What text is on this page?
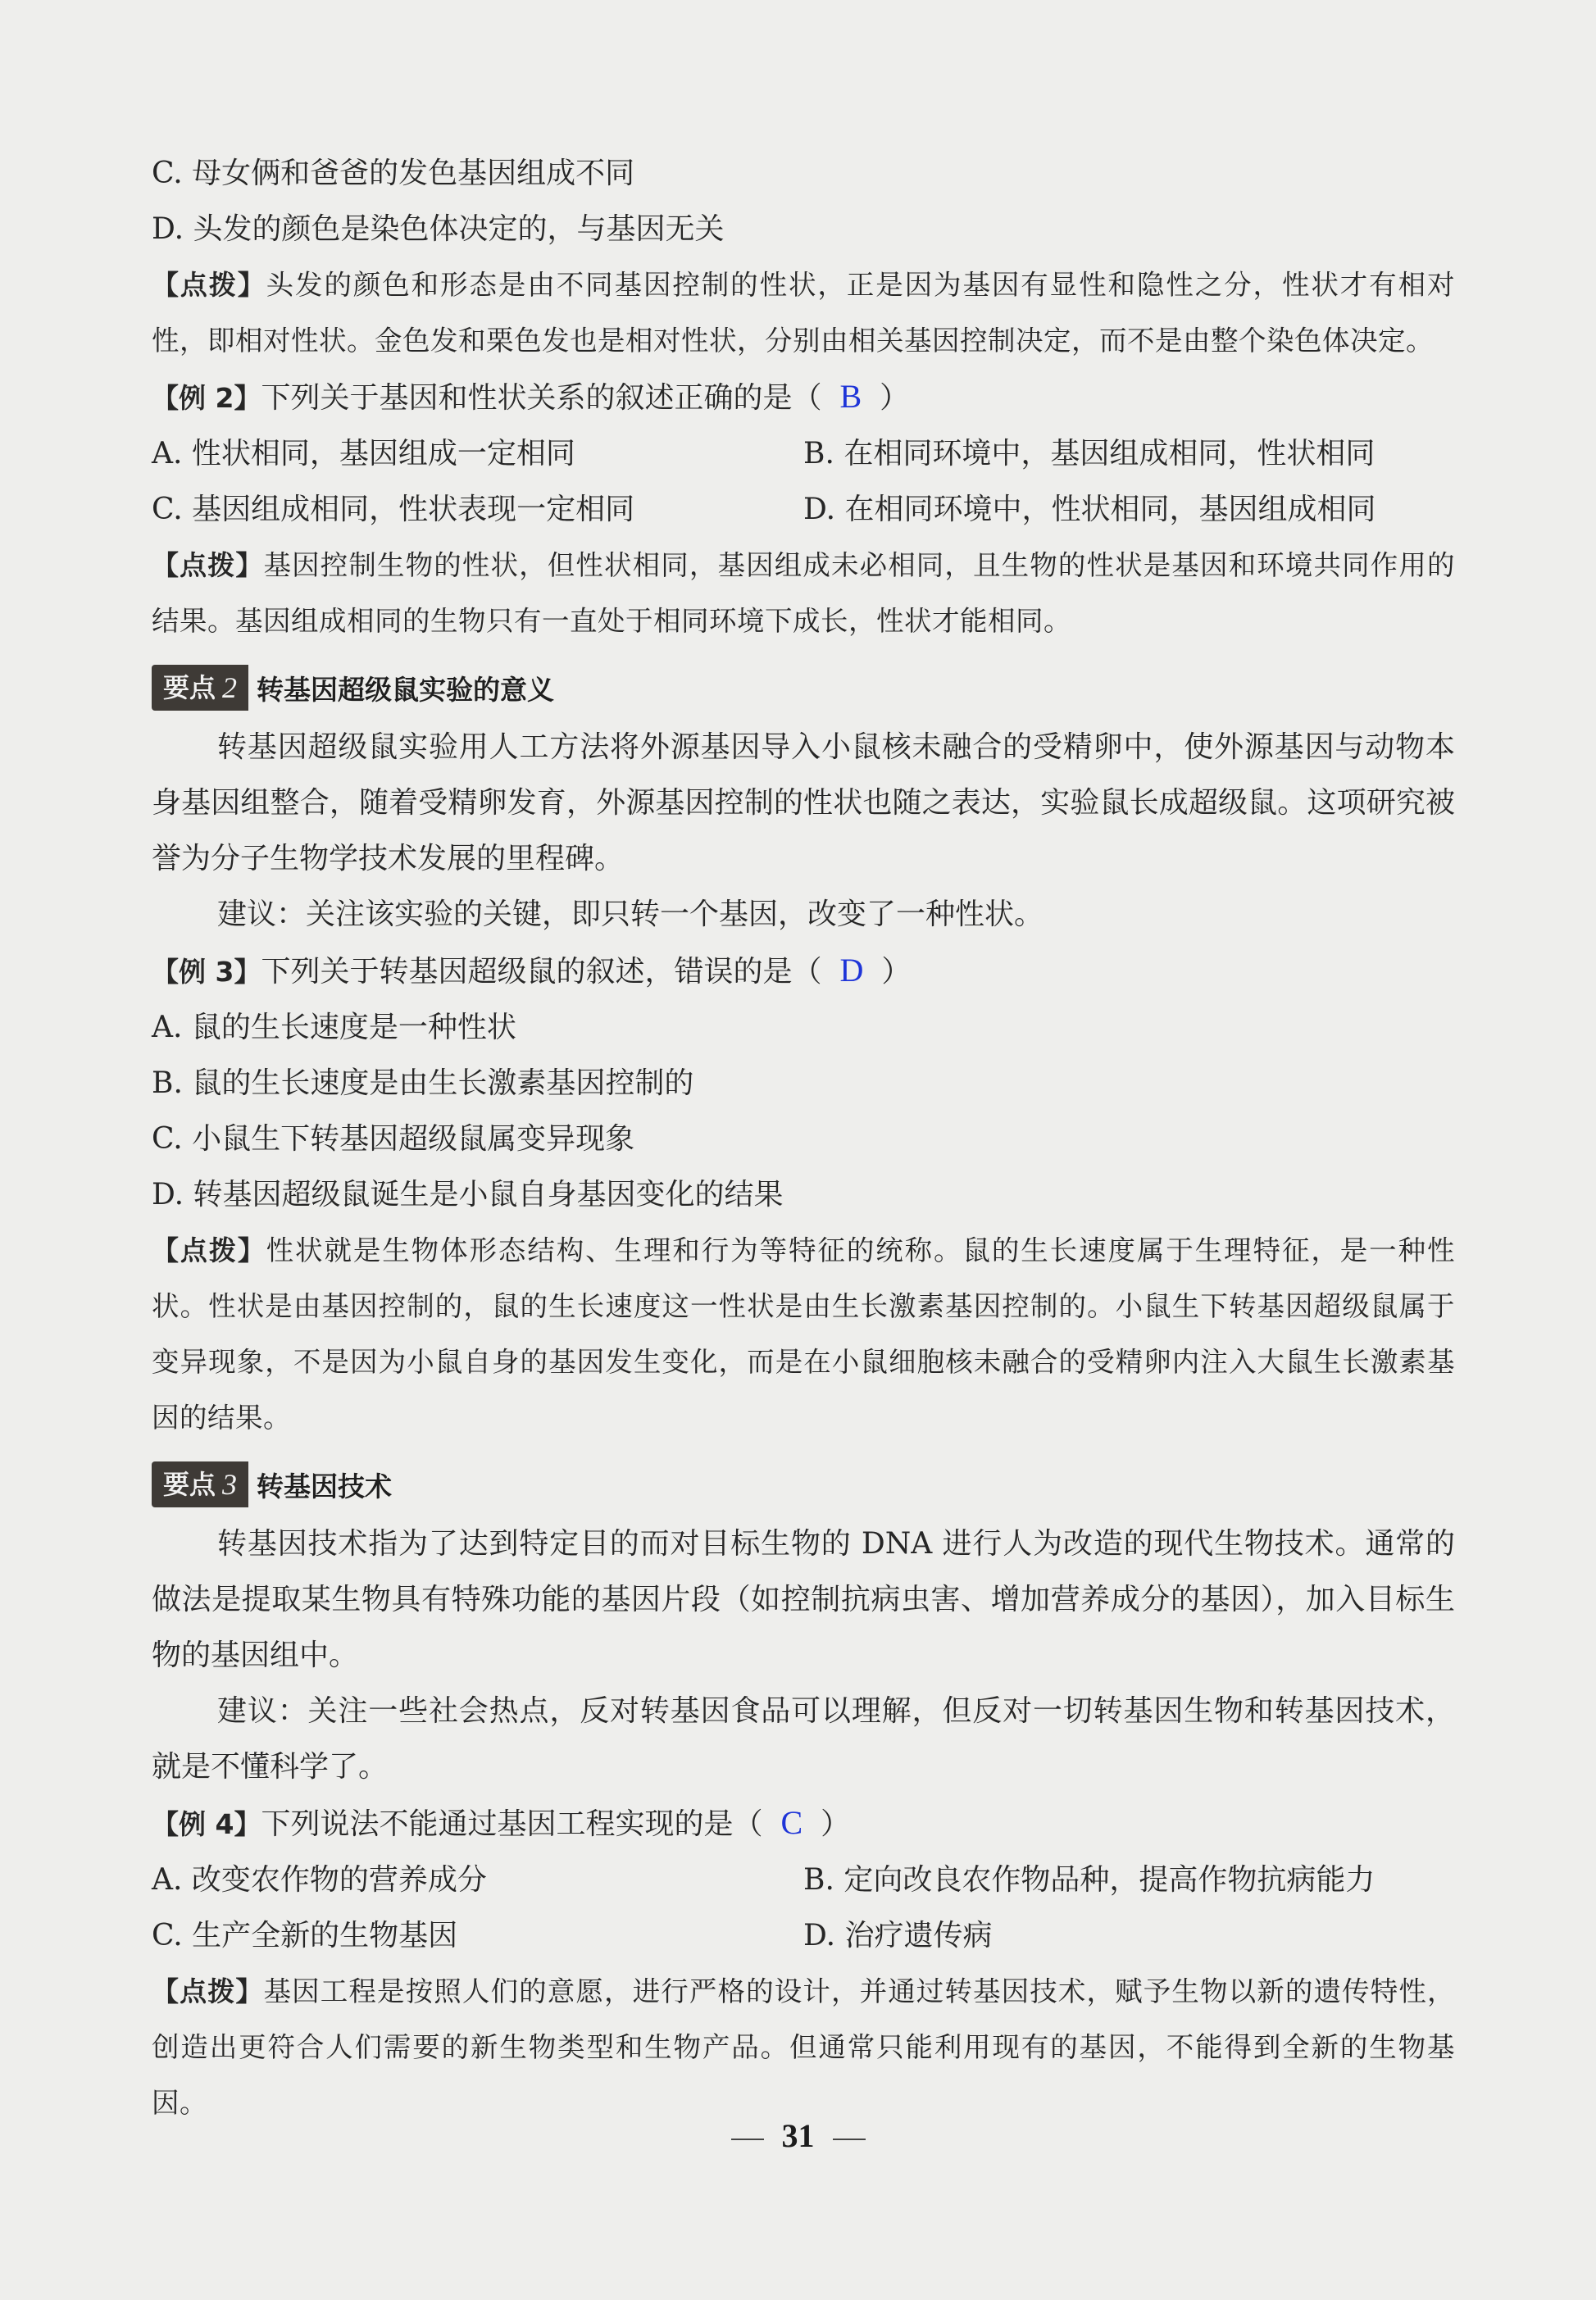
C. 母女俩和爸爸的发色基因组成不同

D. 头发的颜色是染色体决定的，与基因无关

【点拨】头发的颜色和形态是由不同基因控制的性状，正是因为基因有显性和隐性之分，性状才有相对性，即相对性状。金色发和栗色发也是相对性状，分别由相关基因控制决定，而不是由整个染色体决定。

【例 2】下列关于基因和性状关系的叙述正确的是（ B ）

A. 性状相同，基因组成一定相同	B. 在相同环境中，基因组成相同，性状相同
C. 基因组成相同，性状表现一定相同	D. 在相同环境中，性状相同，基因组成相同

【点拨】基因控制生物的性状，但性状相同，基因组成未必相同，且生物的性状是基因和环境共同作用的结果。基因组成相同的生物只有一直处于相同环境下成长，性状才能相同。

要点 2 转基因超级鼠实验的意义

转基因超级鼠实验用人工方法将外源基因导入小鼠核未融合的受精卵中，使外源基因与动物本身基因组整合，随着受精卵发育，外源基因控制的性状也随之表达，实验鼠长成超级鼠。这项研究被誉为分子生物学技术发展的里程碑。

建议：关注该实验的关键，即只转一个基因，改变了一种性状。

【例 3】下列关于转基因超级鼠的叙述，错误的是（ D ）

A. 鼠的生长速度是一种性状

B. 鼠的生长速度是由生长激素基因控制的

C. 小鼠生下转基因超级鼠属变异现象

D. 转基因超级鼠诞生是小鼠自身基因变化的结果

【点拨】性状就是生物体形态结构、生理和行为等特征的统称。鼠的生长速度属于生理特征，是一种性状。性状是由基因控制的，鼠的生长速度这一性状是由生长激素基因控制的。小鼠生下转基因超级鼠属于变异现象，不是因为小鼠自身的基因发生变化，而是在小鼠细胞核未融合的受精卵内注入大鼠生长激素基因的结果。

要点 3 转基因技术

转基因技术指为了达到特定目的而对目标生物的 DNA 进行人为改造的现代生物技术。通常的做法是提取某生物具有特殊功能的基因片段（如控制抗病虫害、增加营养成分的基因），加入目标生物的基因组中。

建议：关注一些社会热点，反对转基因食品可以理解，但反对一切转基因生物和转基因技术，就是不懂科学了。

【例 4】下列说法不能通过基因工程实现的是（ C ）

A. 改变农作物的营养成分	B. 定向改良农作物品种，提高作物抗病能力
C. 生产全新的生物基因	D. 治疗遗传病

【点拨】基因工程是按照人们的意愿，进行严格的设计，并通过转基因技术，赋予生物以新的遗传特性，创造出更符合人们需要的新生物类型和生物产品。但通常只能利用现有的基因，不能得到全新的生物基因。

31
